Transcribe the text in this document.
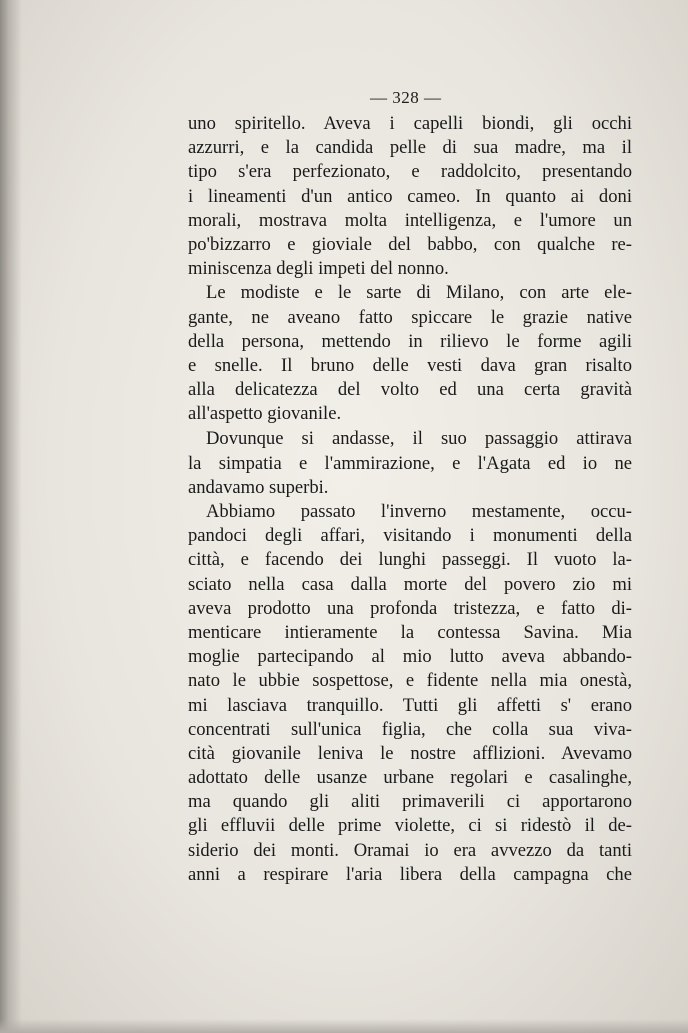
— 328 —
uno spiritello. Aveva i capelli biondi, gli occhi
azzurri, e la candida pelle di sua madre, ma il
tipo s'era perfezionato, e raddolcito, presentando
i lineamenti d'un antico cameo. In quanto ai doni
morali, mostrava molta intelligenza, e l'umore un
po'bizzarro e gioviale del babbo, con qualche re-
miniscenza degli impeti del nonno.
Le modiste e le sarte di Milano, con arte ele-
gante, ne aveano fatto spiccare le grazie native
della persona, mettendo in rilievo le forme agili
e snelle. Il bruno delle vesti dava gran risalto
alla delicatezza del volto ed una certa gravità
all'aspetto giovanile.
Dovunque si andasse, il suo passaggio attirava
la simpatia e l'ammirazione, e l'Agata ed io ne
andavamo superbi.
Abbiamo passato l'inverno mestamente, occu-
pandoci degli affari, visitando i monumenti della
città, e facendo dei lunghi passeggi. Il vuoto la-
sciato nella casa dalla morte del povero zio mi
aveva prodotto una profonda tristezza, e fatto di-
menticare intieramente la contessa Savina. Mia
moglie partecipando al mio lutto aveva abbando-
nato le ubbie sospettose, e fidente nella mia onestà,
mi lasciava tranquillo. Tutti gli affetti s' erano
concentrati sull'unica figlia, che colla sua viva-
cità giovanile leniva le nostre afflizioni. Avevamo
adottato delle usanze urbane regolari e casalinghe,
ma quando gli aliti primaverili ci apportarono
gli effluvii delle prime violette, ci si ridestò il de-
siderio dei monti. Oramai io era avvezzo da tanti
anni a respirare l'aria libera della campagna che
